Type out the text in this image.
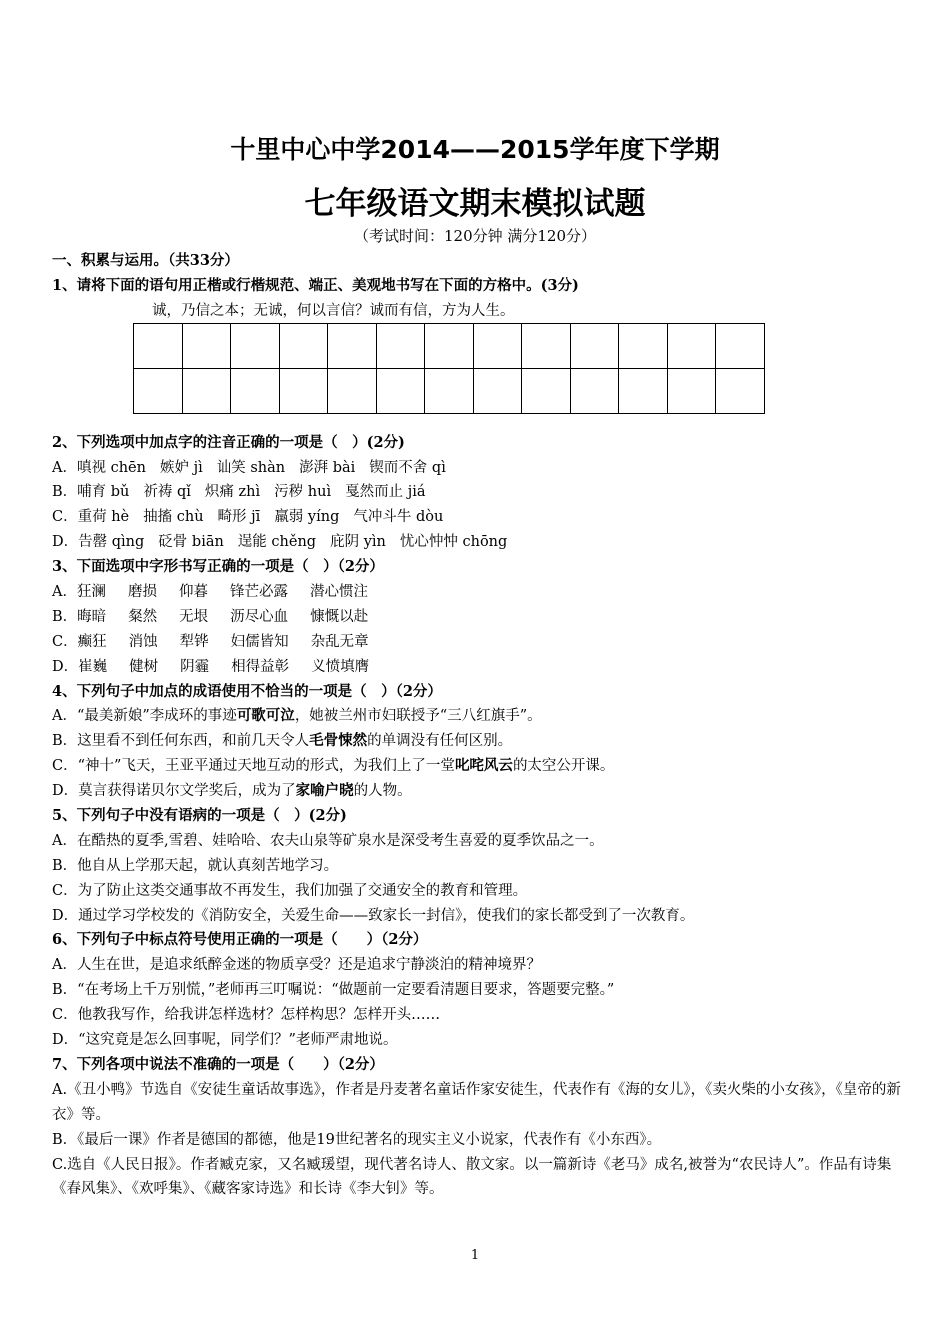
十里中心中学2014——2015学年度下学期
七年级语文期末模拟试题
（考试时间：120分钟 满分120分）
一、积累与运用。（共33分）
1、请将下面的语句用正楷或行楷规范、端正、美观地书写在下面的方格中。(3分)
诚，乃信之本；无诚，何以言信？诚而有信，方为人生。
2、下列选项中加点字的注音正确的一项是（　）(2分)
A．嗔视 chēn 嫉妒 jì 讪笑 shàn 澎湃 bài 锲而不舍 qì
B．哺育 bǔ 祈祷 qǐ 炽痛 zhì 污秽 huì 戛然而止 jiá
C．重荷 hè 抽搐 chù 畸形 jī 羸弱 yíng 气冲斗牛 dòu
D．告罄 qìng 砭骨 biān 逞能 chěng 庇阴 yìn 忧心忡忡 chōng
3、下面选项中字形书写正确的一项是（　）（2分）
A．狂澜 磨损 仰暮 锋芒必露 潜心惯注
B．晦暗 粲然 无垠 沥尽心血 慷慨以赴
C．癫狂 消蚀 犁铧 妇儒皆知 杂乱无章
D．崔巍 健树 阴霾 相得益彰 义愤填膺
4、下列句子中加点的成语使用不恰当的一项是（　）（2分）
A．“最美新娘”李成环的事迹可歌可泣，她被兰州市妇联授予“三八红旗手”。
B．这里看不到任何东西，和前几天令人毛骨悚然的单调没有任何区别。
C．“神十”飞天，王亚平通过天地互动的形式，为我们上了一堂叱咤风云的太空公开课。
D．莫言获得诺贝尔文学奖后，成为了家喻户晓的人物。
5、下列句子中没有语病的一项是（　）(2分)
A．在酷热的夏季,雪碧、娃哈哈、农夫山泉等矿泉水是深受考生喜爱的夏季饮品之一。
B．他自从上学那天起，就认真刻苦地学习。
C．为了防止这类交通事故不再发生，我们加强了交通安全的教育和管理。
D．通过学习学校发的《消防安全，关爱生命——致家长一封信》，使我们的家长都受到了一次教育。
6、下列句子中标点符号使用正确的一项是（　　）（2分）
A．人生在世，是追求纸醉金迷的物质享受？还是追求宁静淡泊的精神境界？
B．“在考场上千万别慌，”老师再三叮嘱说：“做题前一定要看清题目要求，答题要完整。”
C．他教我写作，给我讲怎样选材？怎样构思？怎样开头……
D．“这究竟是怎么回事呢，同学们？”老师严肃地说。
7、下列各项中说法不准确的一项是（　　）（2分）
A.《丑小鸭》节选自《安徒生童话故事选》，作者是丹麦著名童话作家安徒生，代表作有《海的女儿》，《卖火柴的小女孩》，《皇帝的新衣》等。
B．《最后一课》作者是德国的都德，他是19世纪著名的现实主义小说家，代表作有《小东西》。
C.选自《人民日报》。作者臧克家，又名臧瑗望，现代著名诗人、散文家。以一篇新诗《老马》成名,被誉为“农民诗人”。作品有诗集《春风集》、《欢呼集》、《藏客家诗选》和长诗《李大钊》等。

1
